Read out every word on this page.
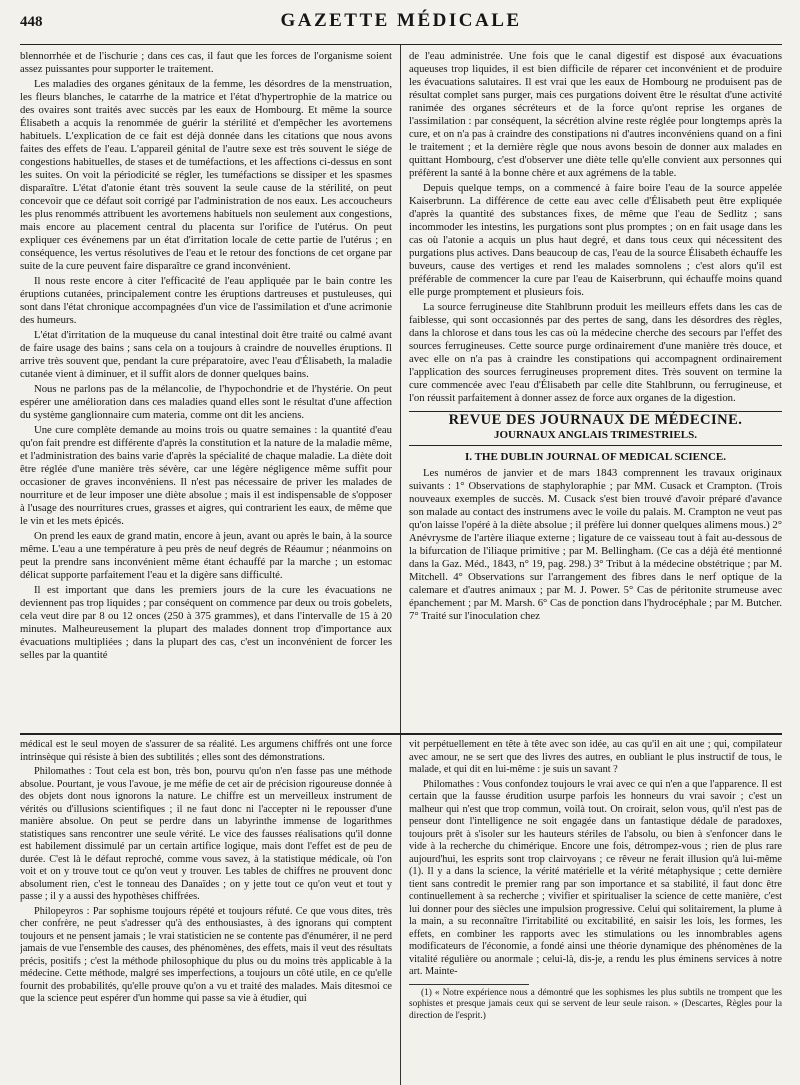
448	GAZETTE MÉDICALE

blennorrhée et de l'ischurie ; dans ces cas, il faut que les forces de l'organisme soient assez puissantes pour supporter le traitement.

Les maladies des organes génitaux de la femme, les désordres de la menstruation, les fleurs blanches, le catarrhe de la matrice et l'état d'hypertrophie de la matrice ou des ovaires sont traités avec succès par les eaux de Hombourg. Et même la source Élisabeth a acquis la renommée de guérir la stérilité et d'empêcher les avortemens habituels. L'explication de ce fait est déjà donnée dans les citations que nous avons faites des effets de l'eau. L'appareil génital de l'autre sexe est très souvent le siége de congestions habituelles, de stases et de tuméfactions, et les affections ci-dessus en sont les suites. On voit la périodicité se régler, les tuméfactions se dissiper et les spasmes disparaître. L'état d'atonie étant très souvent la seule cause de la stérilité, on peut concevoir que ce défaut soit corrigé par l'administration de nos eaux. Les accoucheurs les plus renommés attribuent les avortemens habituels non seulement aux congestions, mais encore au placement central du placenta sur l'orifice de l'utérus. On peut expliquer ces événemens par un état d'irritation locale de cette partie de l'utérus ; en conséquence, les vertus résolutives de l'eau et le retour des fonctions de cet organe par suite de la cure peuvent faire disparaître ce grand inconvénient.

Il nous reste encore à citer l'efficacité de l'eau appliquée par le bain contre les éruptions cutanées, principalement contre les éruptions dartreuses et pustuleuses, qui sont dans l'état chronique accompagnées d'un vice de l'assimilation et d'une acrimonie des humeurs.

L'état d'irritation de la muqueuse du canal intestinal doit être traité ou calmé avant de faire usage des bains ; sans cela on a toujours à craindre de nouvelles éruptions. Il arrive très souvent que, pendant la cure préparatoire, avec l'eau d'Élisabeth, la maladie cutanée vient à diminuer, et il suffit alors de donner quelques bains.

Nous ne parlons pas de la mélancolie, de l'hypochondrie et de l'hystérie. On peut espérer une amélioration dans ces maladies quand elles sont le résultat d'une affection du système ganglionnaire cum materia, comme ont dit les anciens.

Une cure complète demande au moins trois ou quatre semaines : la quantité d'eau qu'on fait prendre est différente d'après la constitution et la nature de la maladie même, et l'administration des bains varie d'après la spécialité de chaque maladie. La diète doit être réglée d'une manière très sévère, car une légère négligence même suffit pour occasioner de graves inconvéniens. Il n'est pas nécessaire de priver les malades de nourriture et de leur imposer une diète absolue ; mais il est indispensable de s'opposer à l'usage des nourritures crues, grasses et aigres, qui contrarient les eaux, de même que le vin et les mets épicés.

On prend les eaux de grand matin, encore à jeun, avant ou après le bain, à la source même. L'eau a une température à peu près de neuf degrés de Réaumur ; néanmoins on peut la prendre sans inconvénient même étant échauffé par la marche ; un estomac délicat supporte parfaitement l'eau et la digère sans difficulté.

Il est important que dans les premiers jours de la cure les évacuations ne deviennent pas trop liquides ; par conséquent on commence par deux ou trois gobelets, cela veut dire par 8 ou 12 onces (250 à 375 grammes), et dans l'intervalle de 15 à 20 minutes. Malheureusement la plupart des malades donnent trop d'importance aux évacuations multipliées ; dans la plupart des cas, c'est un inconvénient de forcer les selles par la quantité

de l'eau administrée. Une fois que le canal digestif est disposé aux évacuations aqueuses trop liquides, il est bien difficile de réparer cet inconvénient et de produire les évacuations salutaires. Il est vrai que les eaux de Hombourg ne produisent pas de résultat complet sans purger, mais ces purgations doivent être le résultat d'une activité ranimée des organes sécréteurs et de la force qu'ont reprise les organes de l'assimilation : par conséquent, la sécrétion alvine reste réglée pour longtemps après la cure, et on n'a pas à craindre des constipations ni d'autres inconvéniens quand on a fini le traitement ; et la dernière règle que nous avons besoin de donner aux malades en quittant Hombourg, c'est d'observer une diète telle qu'elle convient aux personnes qui préfèrent la santé à la bonne chère et aux agrémens de la table.

Depuis quelque temps, on a commencé à faire boire l'eau de la source appelée Kaiserbrunn. La différence de cette eau avec celle d'Élisabeth peut être expliquée d'après la quantité des substances fixes, de même que l'eau de Sedlitz ; sans incommoder les intestins, les purgations sont plus promptes ; on en fait usage dans les cas où l'atonie a acquis un plus haut degré, et dans tous ceux qui nécessitent des purgations plus actives. Dans beaucoup de cas, l'eau de la source Élisabeth échauffe les buveurs, cause des vertiges et rend les malades somnolens ; c'est alors qu'il est préférable de commencer la cure par l'eau de Kaiserbrunn, qui échauffe moins quand elle purge promptement et plusieurs fois.

La source ferrugineuse dite Stahlbrunn produit les meilleurs effets dans les cas de faiblesse, qui sont occasionnés par des pertes de sang, dans les désordres des règles, dans la chlorose et dans tous les cas où la médecine cherche des secours par l'effet des sources ferrugineuses. Cette source purge ordinairement d'une manière très douce, et avec elle on n'a pas à craindre les constipations qui accompagnent ordinairement l'application des sources ferrugineuses proprement dites. Très souvent on termine la cure commencée avec l'eau d'Élisabeth par celle dite Stahlbrunn, ou ferrugineuse, et l'on réussit parfaitement à donner assez de force aux organes de la digestion.

REVUE DES JOURNAUX DE MÉDECINE.
JOURNAUX ANGLAIS TRIMESTRIELS.
I. THE DUBLIN JOURNAL OF MEDICAL SCIENCE.

Les numéros de janvier et de mars 1843 comprennent les travaux originaux suivants : 1° Observations de staphyloraphie ; par MM. Cusack et Crampton. (Trois nouveaux exemples de succès. M. Cusack s'est bien trouvé d'avoir préparé d'avance son malade au contact des instrumens avec le voile du palais. M. Crampton ne veut pas qu'on laisse l'opéré à la diète absolue ; il préfère lui donner quelques alimens mous.) 2° Anévrysme de l'artère iliaque externe ; ligature de ce vaisseau tout à fait au-dessous de la bifurcation de l'iliaque primitive ; par M. Bellingham. (Ce cas a déjà été mentionné dans la Gaz. Méd., 1843, n° 19, pag. 298.) 3° Tribut à la médecine obstétrique ; par M. Mitchell. 4° Observations sur l'arrangement des fibres dans le nerf optique de la calemare et d'autres animaux ; par M. J. Power. 5° Cas de péritonite strumeuse avec épanchement ; par M. Marsh. 6° Cas de ponction dans l'hydrocéphale ; par M. Butcher. 7° Traité sur l'inoculation chez

médical est le seul moyen de s'assurer de sa réalité. Les argumens chiffrés ont une force intrinsèque qui résiste à bien des subtilités ; elles sont des démonstrations.

Philomathes : Tout cela est bon, très bon, pourvu qu'on n'en fasse pas une méthode absolue. Pourtant, je vous l'avoue, je me méfie de cet air de précision rigoureuse donnée à des objets dont nous ignorons la nature. Le chiffre est un merveilleux instrument de vérités ou d'illusions scientifiques ; il ne faut donc ni l'accepter ni le repousser d'une manière absolue. On peut se perdre dans un labyrinthe immense de logarithmes statistiques sans rencontrer une seule vérité. Le vice des fausses réalisations qu'il donne est habilement dissimulé par un certain artifice logique, mais dont l'effet est de peu de durée. C'est là le défaut reproché, comme vous savez, à la statistique médicale, où l'on voit et on y trouve tout ce qu'on veut y trouver. Les tables de chiffres ne prouvent donc absolument rien, c'est le tonneau des Danaïdes ; on y jette tout ce qu'on veut et tout y passe ; il y a aussi des hypothèses chiffrées.

Philopeyros : Par sophisme toujours répété et toujours réfuté. Ce que vous dites, très cher confrère, ne peut s'adresser qu'à des enthousiastes, à des ignorans qui comptent toujours et ne pensent jamais ; le vrai statisticien ne se contente pas d'énumérer, il ne perd jamais de vue l'ensemble des causes, des phénomènes, des effets, mais il veut des résultats précis, positifs ; c'est la méthode philosophique du plus ou du moins très applicable à la médecine. Cette méthode, malgré ses imperfections, a toujours un côté utile, en ce qu'elle fournit des probabilités, qu'elle prouve qu'on a vu et traité des malades. Mais ditesmoi ce que la science peut espérer d'un homme qui passe sa vie à étudier, qui

vit perpétuellement en tête à tête avec son idée, au cas qu'il en ait une ; qui, compilateur avec amour, ne se sert que des livres des autres, en oubliant le plus instructif de tous, le malade, et qui dit en lui-même : je suis un savant ?

Philomathes : Vous confondez toujours le vrai avec ce qui n'en a que l'apparence. Il est certain que la fausse érudition usurpe parfois les honneurs du vrai savoir ; c'est un malheur qui n'est que trop commun, voilà tout. On croirait, selon vous, qu'il n'est pas de penseur dont l'intelligence ne soit engagée dans un fantastique dédale de paradoxes, toujours prêt à s'isoler sur les hauteurs stériles de l'absolu, ou bien à s'enfoncer dans le vide à la recherche du chimérique. Encore une fois, détrompez-vous ; rien de plus rare aujourd'hui, les esprits sont trop clairvoyans ; ce rêveur ne ferait illusion qu'à lui-même (1). Il y a dans la science, la vérité matérielle et la vérité métaphysique ; cette dernière tient sans contredit le premier rang par son importance et sa stabilité, il faut donc être continuellement à sa recherche ; vivifier et spiritualiser la science de cette manière, c'est lui donner pour des siècles une impulsion progressive. Celui qui solitairement, la plume à la main, a su reconnaître l'irritabilité ou excitabilité, en saisir les lois, les formes, les effets, en combiner les rapports avec les stimulations ou les innombrables agens modificateurs de l'économie, a fondé ainsi une théorie dynamique des phénomènes de la vitalité régulière ou anormale ; celui-là, dis-je, a rendu les plus éminens services à notre art. Mainte-

(1) « Notre expérience nous a démontré que les sophismes les plus subtils ne trompent que les sophistes et presque jamais ceux qui se servent de leur seule raison. » (Descartes, Règles pour la direction de l'esprit.)
